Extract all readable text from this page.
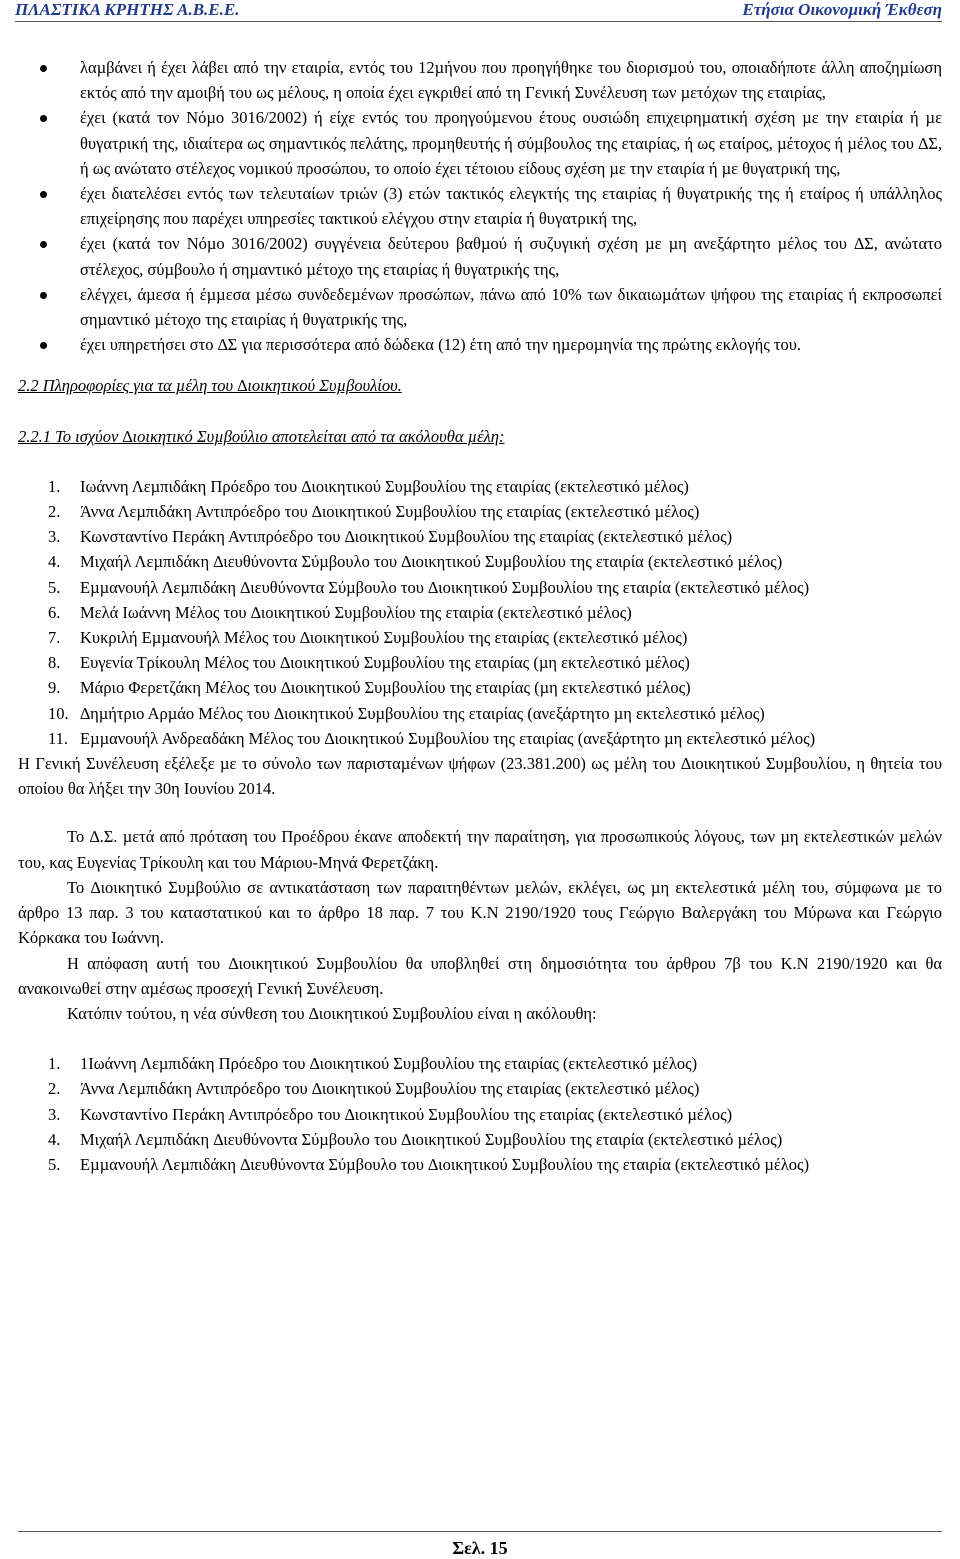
ΠΛΑΣΤΙΚΑ ΚΡΗΤΗΣ Α.Β.Ε.Ε.	Ετήσια Οικονοµική Έκθεση
λαµβάνει ή έχει λάβει από την εταιρία, εντός του 12µήνου που προηγήθηκε του διορισµού του, οποιαδήποτε άλλη αποζηµίωση εκτός από την αµοιβή του ως µέλους, η οποία έχει εγκριθεί από τη Γενική Συνέλευση των µετόχων της εταιρίας,
έχει (κατά τον Νόµο 3016/2002) ή είχε εντός του προηγούµενου έτους ουσιώδη επιχειρηµατική σχέση µε την εταιρία ή µε θυγατρική της, ιδιαίτερα ως σηµαντικός πελάτης, προµηθευτής ή σύµβουλος της εταιρίας, ή ως εταίρος, µέτοχος ή µέλος του ∆Σ, ή ως ανώτατο στέλεχος νοµικού προσώπου, το οποίο έχει τέτοιου είδους σχέση µε την εταιρία ή µε θυγατρική της,
έχει διατελέσει εντός των τελευταίων τριών (3) ετών τακτικός ελεγκτής της εταιρίας ή θυγατρικής της ή εταίρος ή υπάλληλος επιχείρησης που παρέχει υπηρεσίες τακτικού ελέγχου στην εταιρία ή θυγατρική της,
έχει (κατά τον Νόµο 3016/2002) συγγένεια δεύτερου βαθµού ή συζυγική σχέση µε µη ανεξάρτητο µέλος του ∆Σ, ανώτατο στέλεχος, σύµβουλο ή σηµαντικό µέτοχο της εταιρίας ή θυγατρικής της,
ελέγχει, άµεσα ή έµµεσα µέσω συνδεδεµένων προσώπων, πάνω από 10% των δικαιωµάτων ψήφου της εταιρίας ή εκπροσωπεί σηµαντικό µέτοχο της εταιρίας ή θυγατρικής της,
έχει υπηρετήσει στο ∆Σ για περισσότερα από δώδεκα (12) έτη από την ηµεροµηνία της πρώτης εκλογής του.

2.2 Πληροφορίες για τα µέλη του ∆ιοικητικού Συµβουλίου.

2.2.1 Το ισχύον ∆ιοικητικό Συµβούλιο αποτελείται από τα ακόλουθα µέλη:

1. Ιωάννη Λεµπιδάκη Πρόεδρο του ∆ιοικητικού Συµβουλίου της εταιρίας (εκτελεστικό µέλος)
2. Άννα Λεµπιδάκη Αντιπρόεδρο του ∆ιοικητικού Συµβουλίου της εταιρίας (εκτελεστικό µέλος)
3. Κωνσταντίνο Περάκη Αντιπρόεδρο του ∆ιοικητικού Συµβουλίου της εταιρίας (εκτελεστικό µέλος)
4. Μιχαήλ Λεµπιδάκη ∆ιευθύνοντα Σύµβουλο του ∆ιοικητικού Συµβουλίου της εταιρία (εκτελεστικό µέλος)
5. Εµµανουήλ Λεµπιδάκη ∆ιευθύνοντα Σύµβουλο του ∆ιοικητικού Συµβουλίου της εταιρία (εκτελεστικό µέλος)
6. Μελά Ιωάννη Μέλος του ∆ιοικητικού Συµβουλίου της εταιρία (εκτελεστικό µέλος)
7. Κυκριλή Εµµανουήλ Μέλος του ∆ιοικητικού Συµβουλίου της εταιρίας (εκτελεστικό µέλος)
8. Ευγενία Τρίκουλη Μέλος του ∆ιοικητικού Συµβουλίου της εταιρίας (µη εκτελεστικό µέλος)
9. Μάριο Φερετζάκη Μέλος του ∆ιοικητικού Συµβουλίου της εταιρίας (µη εκτελεστικό µέλος)
10. ∆ηµήτριο Αρµάο Μέλος του ∆ιοικητικού Συµβουλίου της εταιρίας (ανεξάρτητο µη εκτελεστικό µέλος)
11. Εµµανουήλ Ανδρεαδάκη Μέλος του ∆ιοικητικού Συµβουλίου της εταιρίας (ανεξάρτητο µη εκτελεστικό µέλος)

Η Γενική Συνέλευση εξέλεξε µε το σύνολο των παρισταµένων ψήφων (23.381.200) ως µέλη του ∆ιοικητικού Συµβουλίου, η θητεία του οποίου θα λήξει την 30η Ιουνίου 2014.

Το ∆.Σ. µετά από πρόταση του Προέδρου έκανε αποδεκτή την παραίτηση, για προσωπικούς λόγους, των µη εκτελεστικών µελών του, κας Ευγενίας Τρίκουλη και του Μάριου-Μηνά Φερετζάκη.

Το ∆ιοικητικό Συµβούλιο σε αντικατάσταση των παραιτηθέντων µελών, εκλέγει, ως µη εκτελεστικά µέλη του, σύµφωνα µε το άρθρο 13 παρ. 3 του καταστατικού και το άρθρο 18 παρ. 7 του Κ.Ν 2190/1920 τους Γεώργιο Βαλεργάκη του Μύρωνα και Γεώργιο Κόρκακα του Ιωάννη.

Η απόφαση αυτή του ∆ιοικητικού Συµβουλίου θα υποβληθεί στη δηµοσιότητα του άρθρου 7β του Κ.Ν 2190/1920 και θα ανακοινωθεί στην αµέσως προσεχή Γενική Συνέλευση.

Κατόπιν τούτου, η νέα σύνθεση του ∆ιοικητικού Συµβουλίου είναι η ακόλουθη:

1. 1Ιωάννη Λεµπιδάκη Πρόεδρο του ∆ιοικητικού Συµβουλίου της εταιρίας (εκτελεστικό µέλος)
2. Άννα Λεµπιδάκη Αντιπρόεδρο του ∆ιοικητικού Συµβουλίου της εταιρίας (εκτελεστικό µέλος)
3. Κωνσταντίνο Περάκη Αντιπρόεδρο του ∆ιοικητικού Συµβουλίου της εταιρίας (εκτελεστικό µέλος)
4. Μιχαήλ Λεµπιδάκη ∆ιευθύνοντα Σύµβουλο του ∆ιοικητικού Συµβουλίου της εταιρία (εκτελεστικό µέλος)
5. Εµµανουήλ Λεµπιδάκη ∆ιευθύνοντα Σύµβουλο του ∆ιοικητικού Συµβουλίου της εταιρία (εκτελεστικό µέλος)
Σελ. 15
